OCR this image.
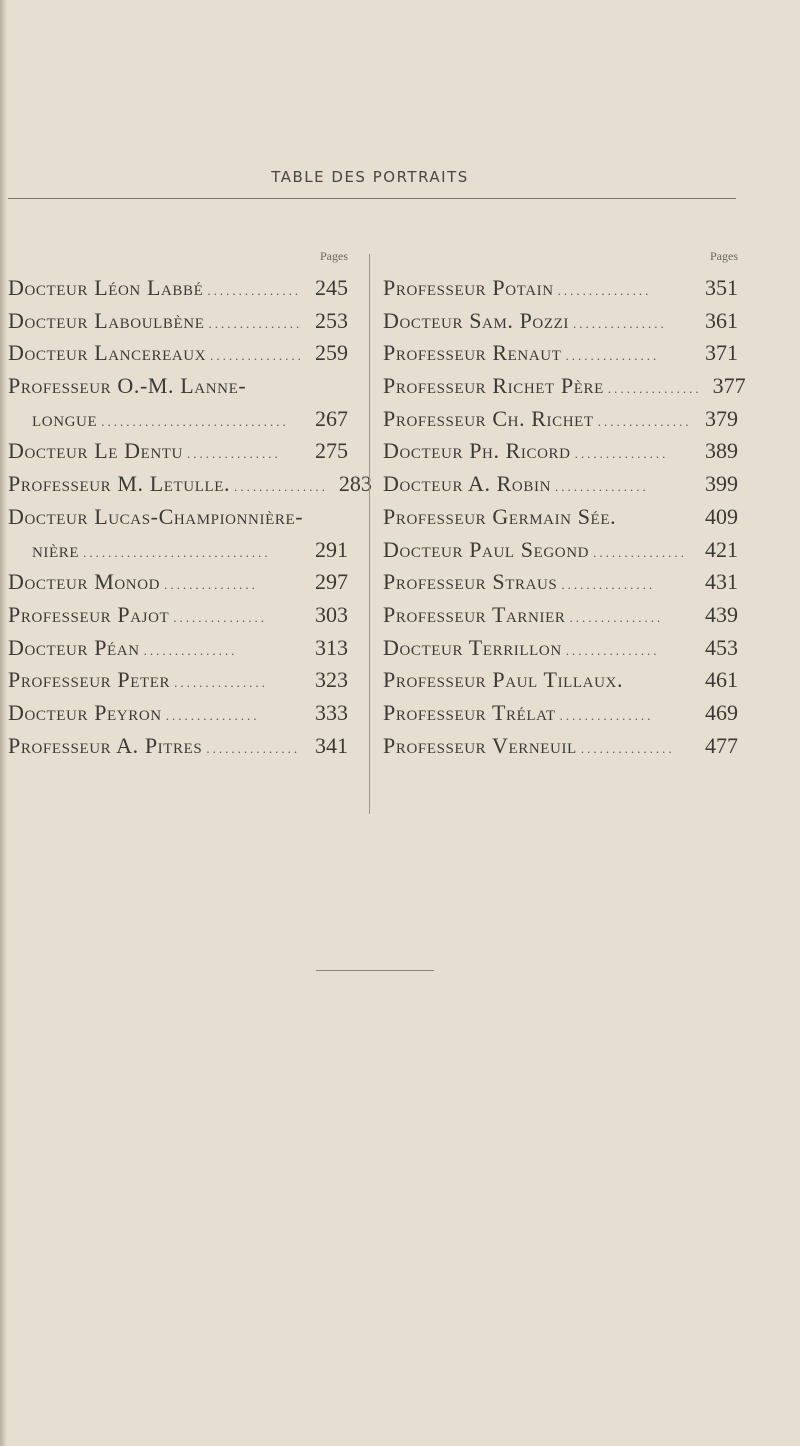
TABLE DES PORTRAITS
Pages
Docteur Léon Labbé ............... 245
Docteur Laboulbène ............... 253
Docteur Lancereaux ............... 259
Professeur O.-M. Lanne-
longue ..............................	267
Docteur Le Dentu ...............	275
Professeur M. Letulle. ............... 283
Docteur Lucas-Championnière-
nière ..............................	291
Docteur Monod ...............	297
Professeur Pajot ...............	303
Docteur Péan ...............	313
Professeur Peter ...............	323
Docteur Peyron ...............	333
Professeur A. Pitres ............... 341
Pages
Professeur Potain ...............	351
Docteur Sam. Pozzi ...............	361
Professeur Renaut ...............	371
Professeur Richet Père ............... 377
Professeur Ch. Richet ............... 379
Docteur Ph. Ricord ...............	389
Docteur A. Robin ...............	399
Professeur Germain Sée.	409
Docteur Paul Segond ............... 421
Professeur Straus ...............	431
Professeur Tarnier ...............	439
Docteur Terrillon ...............	453
Professeur Paul Tillaux.	461
Professeur Trélat ...............	469
Professeur Verneuil ...............	477
